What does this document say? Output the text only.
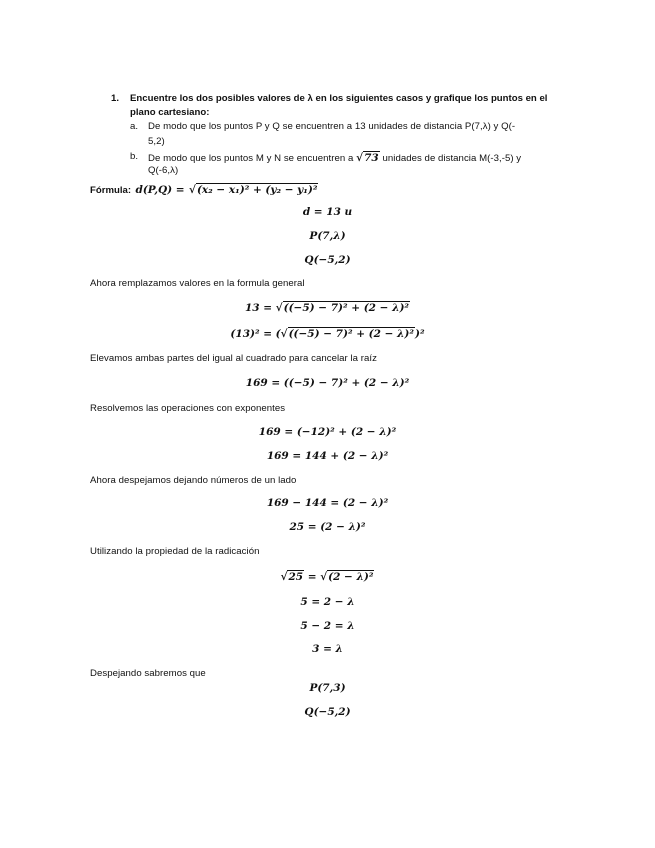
1. Encuentre los dos posibles valores de λ en los siguientes casos y grafique los puntos en el
plano cartesiano:
a. De modo que los puntos P y Q se encuentren a 13 unidades de distancia P(7,λ) y Q(-
5,2)
b. De modo que los puntos M y N se encuentren a √73 unidades de distancia M(-3,-5) y
Q(-6,λ)
Fórmula: d(P,Q) = √(x₂ − x₁)² + (y₂ − y₁)²
d = 13 u
P(7,λ)
Q(−5,2)
Ahora remplazamos valores en la formula general
13 = √((−5) − 7)² + (2 − λ)²
(13)² = (√((−5) − 7)² + (2 − λ)²)²
Elevamos ambas partes del igual al cuadrado para cancelar la raíz
169 = ((−5) − 7)² + (2 − λ)²
Resolvemos las operaciones con exponentes
169 = (−12)² + (2 − λ)²
169 = 144 + (2 − λ)²
Ahora despejamos dejando números de un lado
169 − 144 = (2 − λ)²
25 = (2 − λ)²
Utilizando la propiedad de la radicación
√25 = √(2 − λ)²
5 = 2 − λ
5 − 2 = λ
3 = λ
Despejando sabremos que
P(7,3)
Q(−5,2)
